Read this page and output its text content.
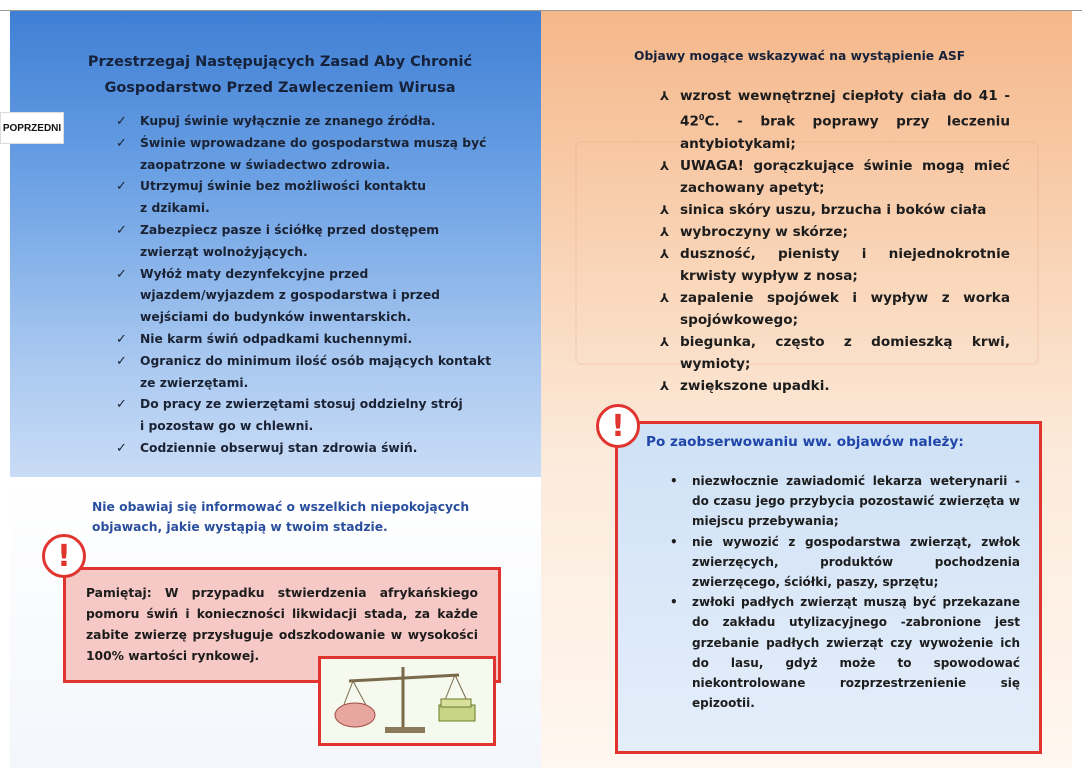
Przestrzegaj Następujących Zasad Aby Chronić
Gospodarstwo Przed Zawleczeniem Wirusa
✓ Kupuj świnie wyłącznie ze znanego źródła.
✓ Świnie wprowadzane do gospodarstwa muszą być
zaopatrzone w świadectwo zdrowia.
✓ Utrzymuj świnie bez możliwości kontaktu
z dzikami.
✓ Zabezpiecz pasze i ściółkę przed dostępem
zwierząt wolnożyjących.
✓ Wyłóż maty dezynfekcyjne przed
wjazdem/wyjazdem z gospodarstwa i przed
wejściami do budynków inwentarskich.
✓ Nie karm świń odpadkami kuchennymi.
✓ Ogranicz do minimum ilość osób mających kontakt
ze zwierzętami.
✓ Do pracy ze zwierzętami stosuj oddzielny strój
i pozostaw go w chlewni.
✓ Codziennie obserwuj stan zdrowia świń.
Nie obawiaj się informować o wszelkich niepokojących objawach, jakie wystąpią w twoim stadzie.
Pamiętaj: W przypadku stwierdzenia afrykańskiego pomoru świń i konieczności likwidacji stada, za każde zabite zwierzę przysługuje odszkodowanie w wysokości 100% wartości rynkowej.
!
Objawy mogące wskazywać na wystąpienie ASF
⅄ wzrost wewnętrznej ciepłoty ciała do $41 - 42^0C$. - brak poprawy przy leczeniu antybiotykami;
⅄ UWAGA! gorączkujące świnie mogą mieć zachowany apetyt;
⅄ sinica skóry uszu, brzucha i boków ciała
⅄ wybroczyny w skórze;
⅄ duszność, pienisty i niejednokrotnie krwisty wypływ z nosa;
⅄ zapalenie spojówek i wypływ z worka spojówkowego;
⅄ biegunka, często z domieszką krwi, wymioty;
⅄ zwiększone upadki.
! Po zaobserwowaniu ww. objawów należy:
• niezwłocznie zawiadomić lekarza weterynarii - do czasu jego przybycia pozostawić zwierzęta w miejscu przebywania;
• nie wywozić z gospodarstwa zwierząt, zwłok zwierzęcych, produktów pochodzenia zwierzęcego, ściółki, paszy, sprzętu;
• zwłoki padłych zwierząt muszą być przekazane do zakładu utylizacyjnego -zabronione jest grzebanie padłych zwierząt czy wywożenie ich do lasu, gdyż może to spowodować niekontrolowane rozprzestrzenienie się epizootii.
POPRZEDNI
